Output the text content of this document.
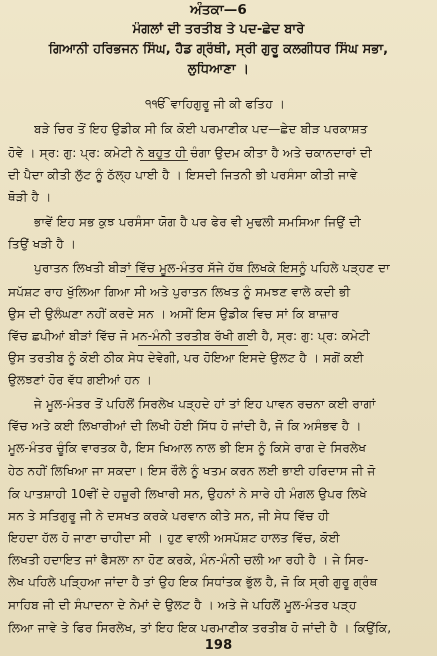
ਅੰਤਕਾ—6
ਮੰਗਲਾਂ ਦੀ ਤਰਤੀਬ ਤੇ ਪਦ-ਛੇਦ ਬਾਰੇ
ਗਿਆਨੀ ਹਰਿਭਜਨ ਸਿੰਘ, ਹੈਡ ਗ੍ਰੰਥੀ, ਸ੍ਰੀ ਗੁਰੂ ਕਲਗੀਧਰ ਸਿੰਘ ਸਭਾ,
ਲੁਧਿਆਣਾ ।
੧ੴ ਵਾਹਿਗੁਰੂ ਜੀ ਕੀ ਫਤਿਹ ।
ਬੜੇ ਚਿਰ ਤੋਂ ਇਹ ਉਡੀਕ ਸੀ ਕਿ ਕੋਈ ਪਰਮਾਣੀਕ ਪਦ—ਛੇਦ ਬੀੜ ਪਰਕਾਸ਼ਤ
ਹੋਵੇ । ਸ੍ਰ: ਗੁ: ਪ੍ਰ: ਕਮੇਟੀ ਨੇ ਬਹੁਤ ਹੀ ਚੰਗਾ ਉਦਮ ਕੀਤਾ ਹੈ ਅਤੇ ਚਕਾਨਦਾਰਾਂ ਦੀ
ਦੀ ਪੈਦਾ ਕੀਤੀ ਲੁੱਟ ਨੂੰ ਠੱਲ੍ਹ ਪਾਈ ਹੈ । ਇਸਦੀ ਜਿਤਨੀ ਭੀ ਪਰਸੰਸਾ ਕੀਤੀ ਜਾਵੇ
ਥੋੜੀ ਹੈ ।
ਭਾਵੇਂ ਇਹ ਸਭ ਕੁਝ ਪਰਸੰਸਾ ਯੋਗ ਹੈ ਪਰ ਫੇਰ ਵੀ ਮੁਢਲੀ ਸਮਸਿਆ ਜਿਉਂ ਦੀ
ਤਿਉਂ ਖੜੀ ਹੈ ।
ਪੁਰਾਤਨ ਲਿਖਤੀ ਬੀੜਾਂ ਵਿੱਚ ਮੂਲ-ਮੰਤਰ ਸੱਜੇ ਹੱਥ ਲਿਖਕੇ ਇਸਨੂੰ ਪਹਿਲੇ ਪੜ੍ਹਣ ਦਾ
ਸਪੱਸ਼ਟ ਰਾਹ ਖੁੱਲਿਆ ਗਿਆ ਸੀ ਅਤੇ ਪੁਰਾਤਨ ਲਿਖਤ ਨੂੰ ਸਮਝਣ ਵਾਲੇ ਕਦੀ ਭੀ
ਉਸ ਦੀ ਉਲੰਘਣਾ ਨਹੀਂ ਕਰਦੇ ਸਨ । ਅਸੀਂ ਇਸ ਉਡੀਕ ਵਿਚ ਸਾਂ ਕਿ ਬਾਜ਼ਾਰ
ਵਿੱਚ ਛਪੀਆਂ ਬੀੜਾਂ ਵਿੱਚ ਜੋ ਮਨ-ਮੰਨੀ ਤਰਤੀਬ ਰੱਖੀ ਗਈ ਹੈ, ਸ੍ਰ: ਗੁ: ਪ੍ਰ: ਕਮੇਟੀ
ਉਸ ਤਰਤੀਬ ਨੂੰ ਕੋਈ ਠੀਕ ਸੇਧ ਦੇਵੇਗੀ, ਪਰ ਹੋਇਆ ਇਸਦੇ ਉਲਟ ਹੈ । ਸਗੋਂ ਕਈ
ਉਲਝਣਾਂ ਹੋਰ ਵੱਧ ਗਈਆਂ ਹਨ ।
ਜੇ ਮੂਲ-ਮੰਤਰ ਤੋਂ ਪਹਿਲੋਂ ਸਿਰਲੇਖ ਪੜ੍ਹਦੇ ਹਾਂ ਤਾਂ ਇਹ ਪਾਵਨ ਰਚਨਾ ਕਈ ਰਾਗਾਂ
ਵਿੱਚ ਅਤੇ ਕਈ ਲਿਖਾਰੀਆਂ ਦੀ ਲਿਖੀ ਹੋਈ ਸਿੱਧ ਹੋ ਜਾਂਦੀ ਹੈ, ਜੋ ਕਿ ਅਸੰਭਵ ਹੈ ।
ਮੂਲ-ਮੰਤਰ ਚੂੰਕਿ ਵਾਰਤਕ ਹੈ, ਇਸ ਖਿਆਲ ਨਾਲ ਭੀ ਇਸ ਨੂੰ ਕਿਸੇ ਰਾਗ ਦੇ ਸਿਰਲੇਖ
ਹੇਠ ਨਹੀਂ ਲਿਖਿਆ ਜਾ ਸਕਦਾ। ਇਸ ਰੌਲੇ ਨੂੰ ਖਤਮ ਕਰਨ ਲਈ ਭਾਈ ਹਰਿਦਾਸ ਜੀ ਜੋ
ਕਿ ਪਾਤਸ਼ਾਹੀ 10ਵੀਂ ਦੇ ਹਜ਼ੂਰੀ ਲਿਖਾਰੀ ਸਨ, ਉਹਨਾਂ ਨੇ ਸਾਰੇ ਹੀ ਮੰਗਲ ਉਪਰ ਲਿਖੇ
ਸਨ ਤੇ ਸਤਿਗੁਰੂ ਜੀ ਨੇ ਦਸਖਤ ਕਰਕੇ ਪਰਵਾਨ ਕੀਤੇ ਸਨ, ਜੀ ਸੇਧ ਵਿੱਚ ਹੀ
ਇਹਦਾ ਹੱਲ ਹੋ ਜਾਣਾ ਚਾਹੀਦਾ ਸੀ । ਹੁਣ ਵਾਲੀ ਅਸਪੱਸ਼ਟ ਹਾਲਤ ਵਿੱਚ, ਕੋਈ
ਲਿਖਤੀ ਹਦਾਇਤ ਜਾਂ ਫੈਸਲਾ ਨਾ ਹੋਣ ਕਰਕੇ, ਮੰਨ-ਮੰਨੀ ਚਲੀ ਆ ਰਹੀ ਹੈ । ਜੇ ਸਿਰ-
ਲੇਖ ਪਹਿਲੇ ਪੜ੍ਹਿਆ ਜਾਂਦਾ ਹੈ ਤਾਂ ਉਹ ਇਕ ਸਿਧਾਂਤਕ ਭੁੱਲ ਹੈ, ਜੋ ਕਿ ਸ੍ਰੀ ਗੁਰੂ ਗ੍ਰੰਥ
ਸਾਹਿਬ ਜੀ ਦੀ ਸੰਪਾਦਨਾ ਦੇ ਨੇਮਾਂ ਦੇ ਉਲਟ ਹੈ । ਅਤੇ ਜੇ ਪਹਿਲੋਂ ਮੂਲ-ਮੰਤਰ ਪੜ੍ਹ
ਲਿਆ ਜਾਵੇ ਤੇ ਫਿਰ ਸਿਰਲੇਖ, ਤਾਂ ਇਹ ਇਕ ਪਰਮਾਣੀਕ ਤਰਤੀਬ ਹੋ ਜਾਂਦੀ ਹੈ । ਕਿਉਂਕਿ,
198
